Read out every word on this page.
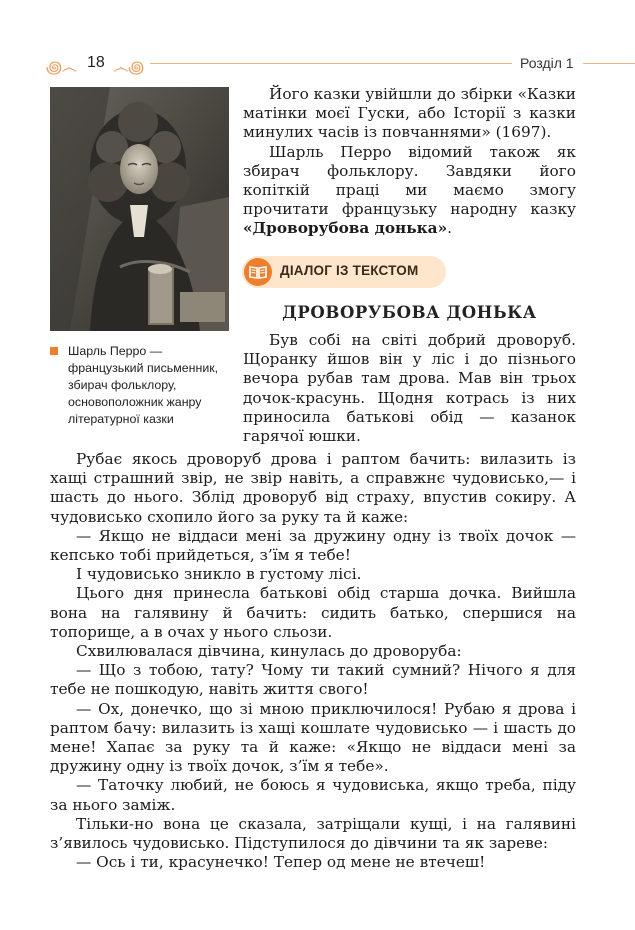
꩜෴ 18 ෴꩜	Розділ 1
Шарль Перро — французький письменник, збирач фольклору, основоположник жанру літературної казки

Його казки увійшли до збірки «Казки матінки моєї Гуски, або Історії з казки минулих часів із повчаннями» (1697).

Шарль Перро відомий також як збирач фольклору. Завдяки його копіткій праці ми маємо змогу прочитати французьку народну казку «Дроворубова донька».

ДІАЛОГ ІЗ ТЕКСТОМ
ДРОВОРУБОВА ДОНЬКА

Був собі на світі добрий дроворуб. Щоранку йшов він у ліс і до пізнього вечора рубав там дрова. Мав він трьох дочок-красунь. Щодня котрась із них приносила батькові обід — казанок гарячої юшки.

Рубає якось дроворуб дрова і раптом бачить: вилазить із хащі страшний звір, не звір навіть, а справжнє чудовисько,— і шасть до нього. Зблід дроворуб від страху, впустив сокиру. А чудовисько схопило його за руку та й каже:

— Якщо не віддаси мені за дружину одну із твоїх дочок — кепсько тобі прийдеться, з’їм я тебе!

І чудовисько зникло в густому лісі.

Цього дня принесла батькові обід старша дочка. Вийшла вона на галявину й бачить: сидить батько, спершися на топорище, а в очах у нього сльози.

Схвилювалася дівчина, кинулась до дроворуба:

— Що з тобою, тату? Чому ти такий сумний? Нічого я для тебе не пошкодую, навіть життя свого!

— Ох, донечко, що зі мною приключилося! Рубаю я дрова і раптом бачу: вилазить із хащі кошлате чудовисько — і шасть до мене! Хапає за руку та й каже: «Якщо не віддаси мені за дружину одну із твоїх дочок, з’їм я тебе».

— Таточку любий, не боюсь я чудовиська, якщо треба, піду за нього заміж.

Тільки-но вона це сказала, затріщали кущі, і на галявині з’явилось чудовисько. Підступилося до дівчини та як зареве:

— Ось і ти, красунечко! Тепер од мене не втечеш!
